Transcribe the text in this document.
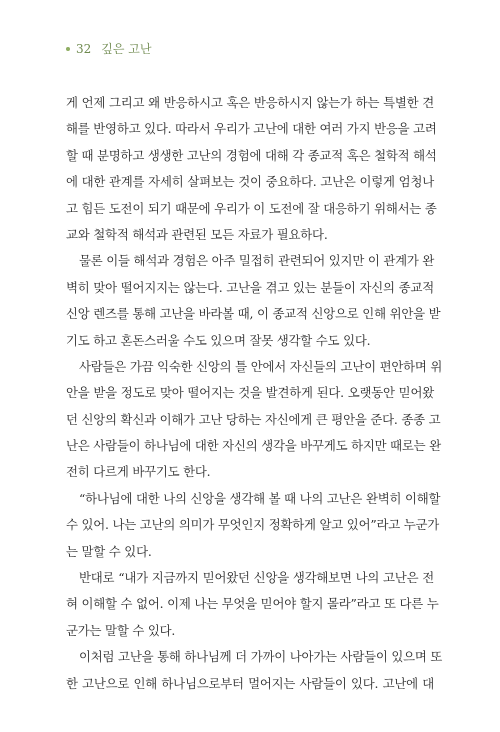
32 깊은 고난
게 언제 그리고 왜 반응하시고 혹은 반응하시지 않는가 하는 특별한 견
해를 반영하고 있다. 따라서 우리가 고난에 대한 여러 가지 반응을 고려
할 때 분명하고 생생한 고난의 경험에 대해 각 종교적 혹은 철학적 해석
에 대한 관계를 자세히 살펴보는 것이 중요하다. 고난은 이렇게 엄청나
고 힘든 도전이 되기 때문에 우리가 이 도전에 잘 대응하기 위해서는 종
교와 철학적 해석과 관련된 모든 자료가 필요하다.
물론 이들 해석과 경험은 아주 밀접히 관련되어 있지만 이 관계가 완
벽히 맞아 떨어지지는 않는다. 고난을 겪고 있는 분들이 자신의 종교적
신앙 렌즈를 통해 고난을 바라볼 때, 이 종교적 신앙으로 인해 위안을 받
기도 하고 혼돈스러울 수도 있으며 잘못 생각할 수도 있다.
사람들은 가끔 익숙한 신앙의 틀 안에서 자신들의 고난이 편안하며 위
안을 받을 정도로 맞아 떨어지는 것을 발견하게 된다. 오랫동안 믿어왔
던 신앙의 확신과 이해가 고난 당하는 자신에게 큰 평안을 준다. 종종 고
난은 사람들이 하나님에 대한 자신의 생각을 바꾸게도 하지만 때로는 완
전히 다르게 바꾸기도 한다.
“하나님에 대한 나의 신앙을 생각해 볼 때 나의 고난은 완벽히 이해할
수 있어. 나는 고난의 의미가 무엇인지 정확하게 알고 있어”라고 누군가
는 말할 수 있다.
반대로 “내가 지금까지 믿어왔던 신앙을 생각해보면 나의 고난은 전
혀 이해할 수 없어. 이제 나는 무엇을 믿어야 할지 몰라”라고 또 다른 누
군가는 말할 수 있다.
이처럼 고난을 통해 하나님께 더 가까이 나아가는 사람들이 있으며 또
한 고난으로 인해 하나님으로부터 멀어지는 사람들이 있다. 고난에 대
